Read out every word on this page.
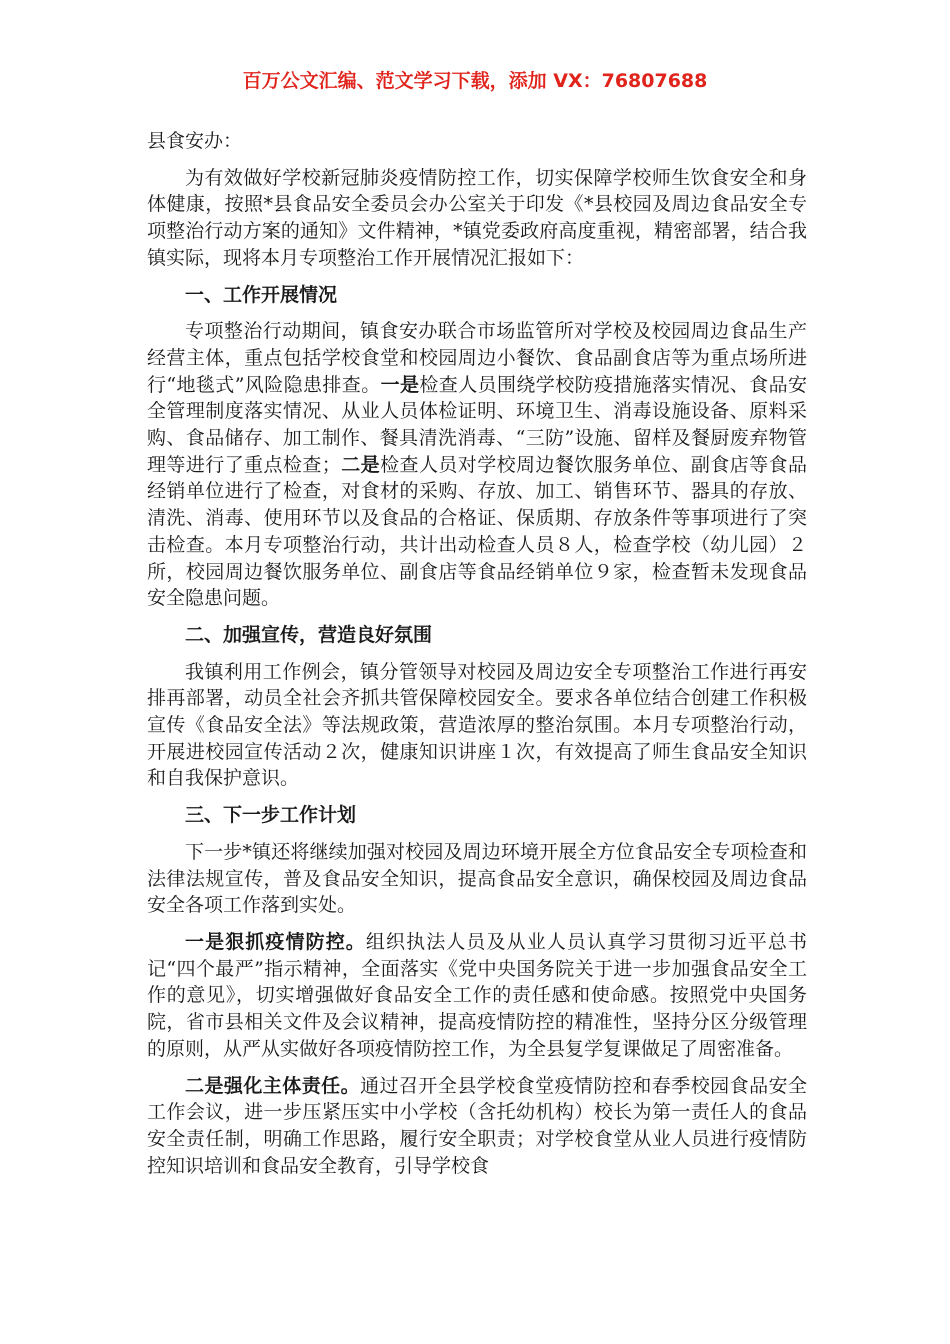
百万公文汇编、范文学习下载，添加 VX：76807688

县食安办：

为有效做好学校新冠肺炎疫情防控工作，切实保障学校师生饮食安全和身体健康，按照*县食品安全委员会办公室关于印发《*县校园及周边食品安全专项整治行动方案的通知》文件精神，*镇党委政府高度重视，精密部署，结合我镇实际，现将本月专项整治工作开展情况汇报如下：

一、工作开展情况

专项整治行动期间，镇食安办联合市场监管所对学校及校园周边食品生产经营主体，重点包括学校食堂和校园周边小餐饮、食品副食店等为重点场所进行“地毯式”风险隐患排查。一是检查人员围绕学校防疫措施落实情况、食品安全管理制度落实情况、从业人员体检证明、环境卫生、消毒设施设备、原料采购、食品储存、加工制作、餐具清洗消毒、“三防”设施、留样及餐厨废弃物管理等进行了重点检查；二是检查人员对学校周边餐饮服务单位、副食店等食品经销单位进行了检查，对食材的采购、存放、加工、销售环节、器具的存放、清洗、消毒、使用环节以及食品的合格证、保质期、存放条件等事项进行了突击检查。本月专项整治行动，共计出动检查人员８人，检查学校（幼儿园）２所，校园周边餐饮服务单位、副食店等食品经销单位９家，检查暂未发现食品安全隐患问题。

二、加强宣传，营造良好氛围

我镇利用工作例会，镇分管领导对校园及周边安全专项整治工作进行再安排再部署，动员全社会齐抓共管保障校园安全。要求各单位结合创建工作积极宣传《食品安全法》等法规政策，营造浓厚的整治氛围。本月专项整治行动，开展进校园宣传活动２次，健康知识讲座１次，有效提高了师生食品安全知识和自我保护意识。

三、下一步工作计划

下一步*镇还将继续加强对校园及周边环境开展全方位食品安全专项检查和法律法规宣传，普及食品安全知识，提高食品安全意识，确保校园及周边食品安全各项工作落到实处。

一是狠抓疫情防控。组织执法人员及从业人员认真学习贯彻习近平总书记“四个最严”指示精神，全面落实《党中央国务院关于进一步加强食品安全工作的意见》，切实增强做好食品安全工作的责任感和使命感。按照党中央国务院，省市县相关文件及会议精神，提高疫情防控的精准性，坚持分区分级管理的原则，从严从实做好各项疫情防控工作，为全县复学复课做足了周密准备。

二是强化主体责任。通过召开全县学校食堂疫情防控和春季校园食品安全工作会议，进一步压紧压实中小学校（含托幼机构）校长为第一责任人的食品安全责任制，明确工作思路，履行安全职责；对学校食堂从业人员进行疫情防控知识培训和食品安全教育，引导学校食
